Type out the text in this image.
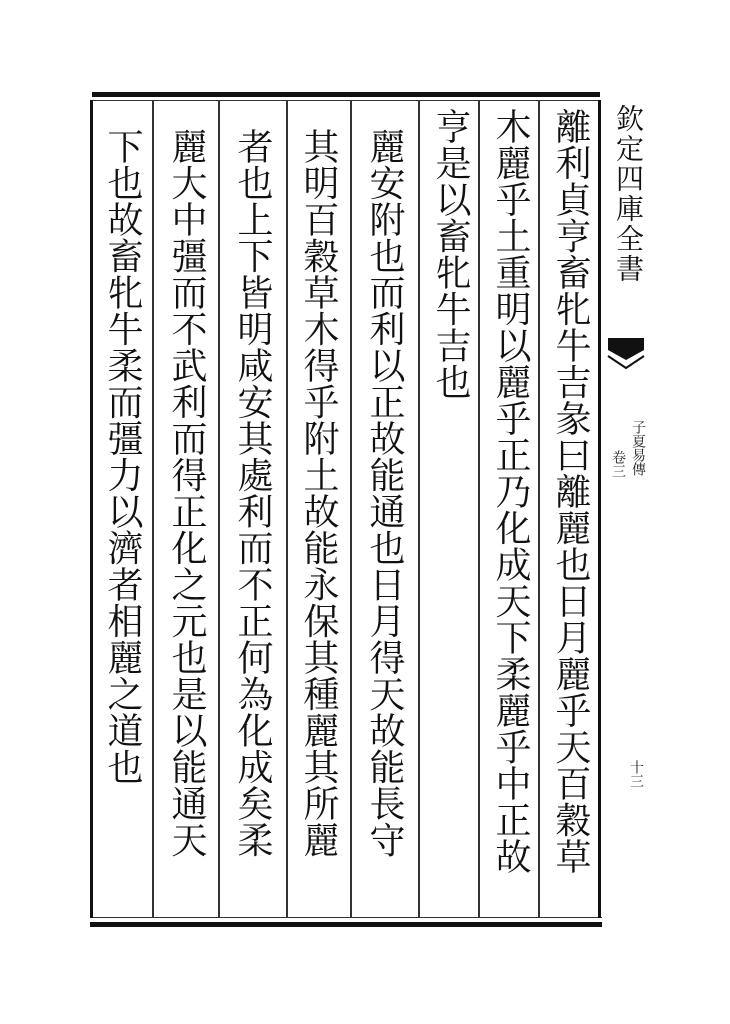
欽定四庫全書
子夏易傳
卷三
十三
離利貞亨畜牝牛吉彖曰離麗也日月麗乎天百穀草
木麗乎土重明以麗乎正乃化成天下柔麗乎中正故
亨是以畜牝牛吉也
麗安附也而利以正故能通也日月得天故能長守
其明百穀草木得乎附土故能永保其種麗其所麗
者也上下皆明咸安其處利而不正何為化成矣柔
麗大中彊而不武利而得正化之元也是以能通天
下也故畜牝牛柔而彊力以濟者相麗之道也
